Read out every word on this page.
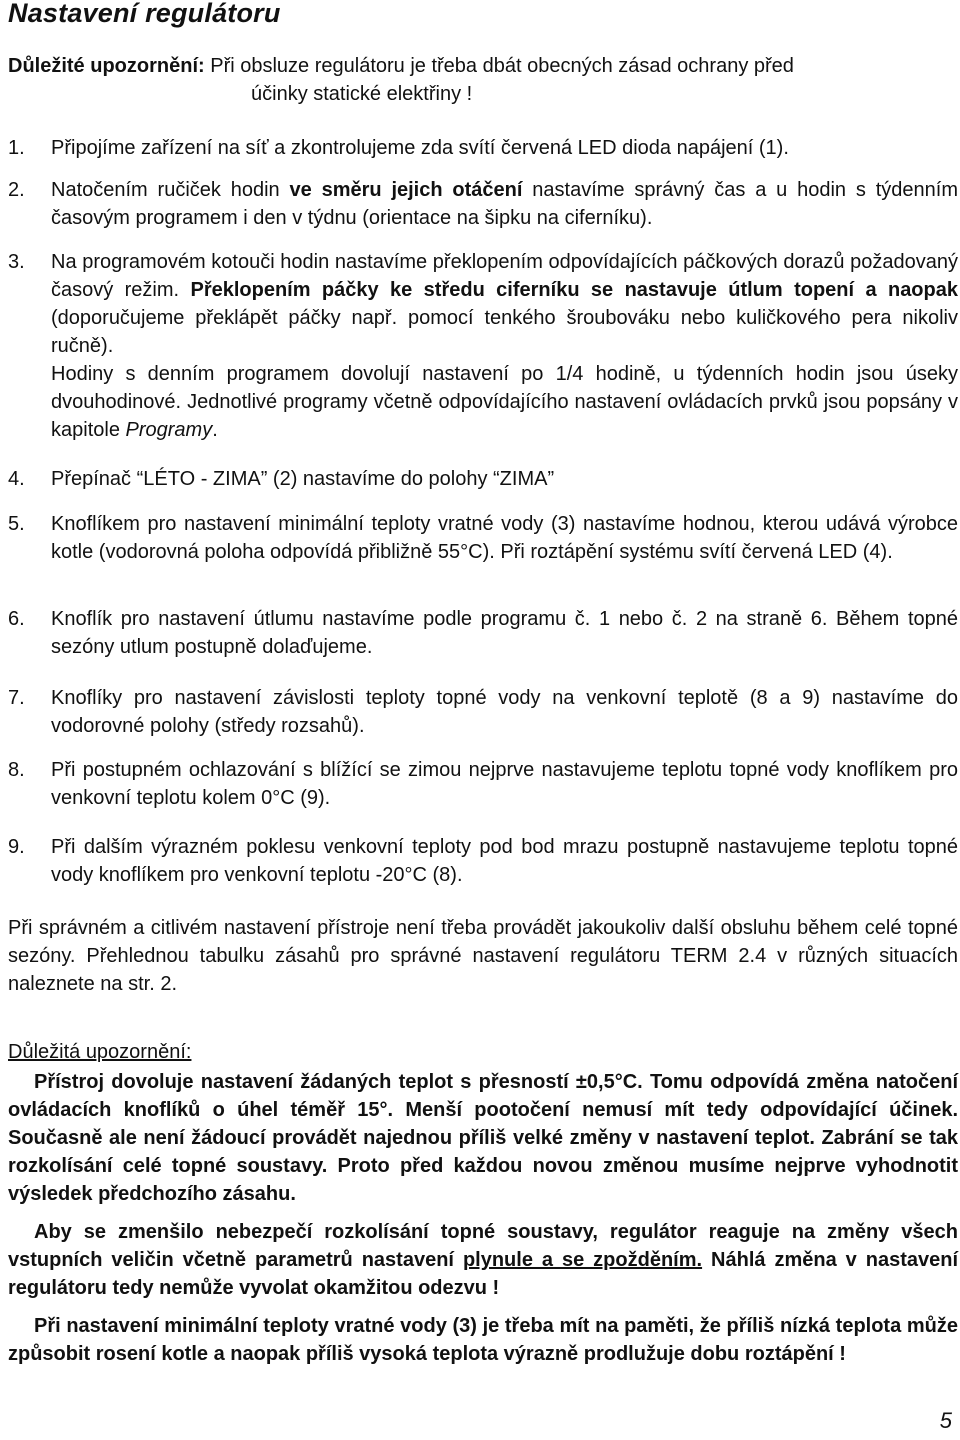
Nastavení regulátoru

Důležité upozornění: Při obsluze regulátoru je třeba dbát obecných zásad ochrany před
účinky statické elektřiny !

1. Připojíme zařízení na síť a zkontrolujeme zda svítí červená LED dioda napájení (1).
2. Natočením ručiček hodin ve směru jejich otáčení nastavíme správný čas a u hodin s týdenním časovým programem i den v týdnu (orientace na šipku na ciferníku).
3. Na programovém kotouči hodin nastavíme překlopením odpovídajících páčkových dorazů požadovaný časový režim. Překlopením páčky ke středu ciferníku se nastavuje útlum topení a naopak (doporučujeme překlápět páčky např. pomocí tenkého šroubováku nebo kuličkového pera nikoliv ručně).
Hodiny s denním programem dovolují nastavení po 1/4 hodině, u týdenních hodin jsou úseky dvouhodinové. Jednotlivé programy včetně odpovídajícího nastavení ovládacích prvků jsou popsány v kapitole Programy.
4. Přepínač “LÉTO - ZIMA” (2) nastavíme do polohy “ZIMA”
5. Knoflíkem pro nastavení minimální teploty vratné vody (3) nastavíme hodnou, kterou udává výrobce kotle (vodorovná poloha odpovídá přibližně 55°C). Při roztápění systému svítí červená LED (4).
6. Knoflík pro nastavení útlumu nastavíme podle programu č. 1 nebo č. 2 na straně 6. Během topné sezóny utlum postupně dolaďujeme.
7. Knoflíky pro nastavení závislosti teploty topné vody na venkovní teplotě (8 a 9) nastavíme do vodorovné polohy (středy rozsahů).
8. Při postupném ochlazování s blížící se zimou nejprve nastavujeme teplotu topné vody knoflíkem pro venkovní teplotu kolem 0°C (9).
9. Při dalším výrazném poklesu venkovní teploty pod bod mrazu postupně nastavujeme teplotu topné vody knoflíkem pro venkovní teplotu -20°C (8).

Při správném a citlivém nastavení přístroje není třeba provádět jakoukoliv další obsluhu během celé topné sezóny. Přehlednou tabulku zásahů pro správné nastavení regulátoru TERM 2.4 v různých situacích naleznete na str. 2.

Důležitá upozornění:

Přístroj dovoluje nastavení žádaných teplot s přesností ±0,5°C. Tomu odpovídá změna natočení ovládacích knoflíků o úhel téměř 15°. Menší pootočení nemusí mít tedy odpovídající účinek. Současně ale není žádoucí provádět najednou příliš velké změny v nastavení teplot. Zabrání se tak rozkolísání celé topné soustavy. Proto před každou novou změnou musíme nejprve vyhodnotit výsledek předchozího zásahu.

Aby se zmenšilo nebezpečí rozkolísání topné soustavy, regulátor reaguje na změny všech vstupních veličin včetně parametrů nastavení plynule a se zpožděním. Náhlá změna v nastavení regulátoru tedy nemůže vyvolat okamžitou odezvu !

Při nastavení minimální teploty vratné vody (3) je třeba mít na paměti, že příliš nízká teplota může způsobit rosení kotle a naopak příliš vysoká teplota výrazně prodlužuje dobu roztápění !

5
